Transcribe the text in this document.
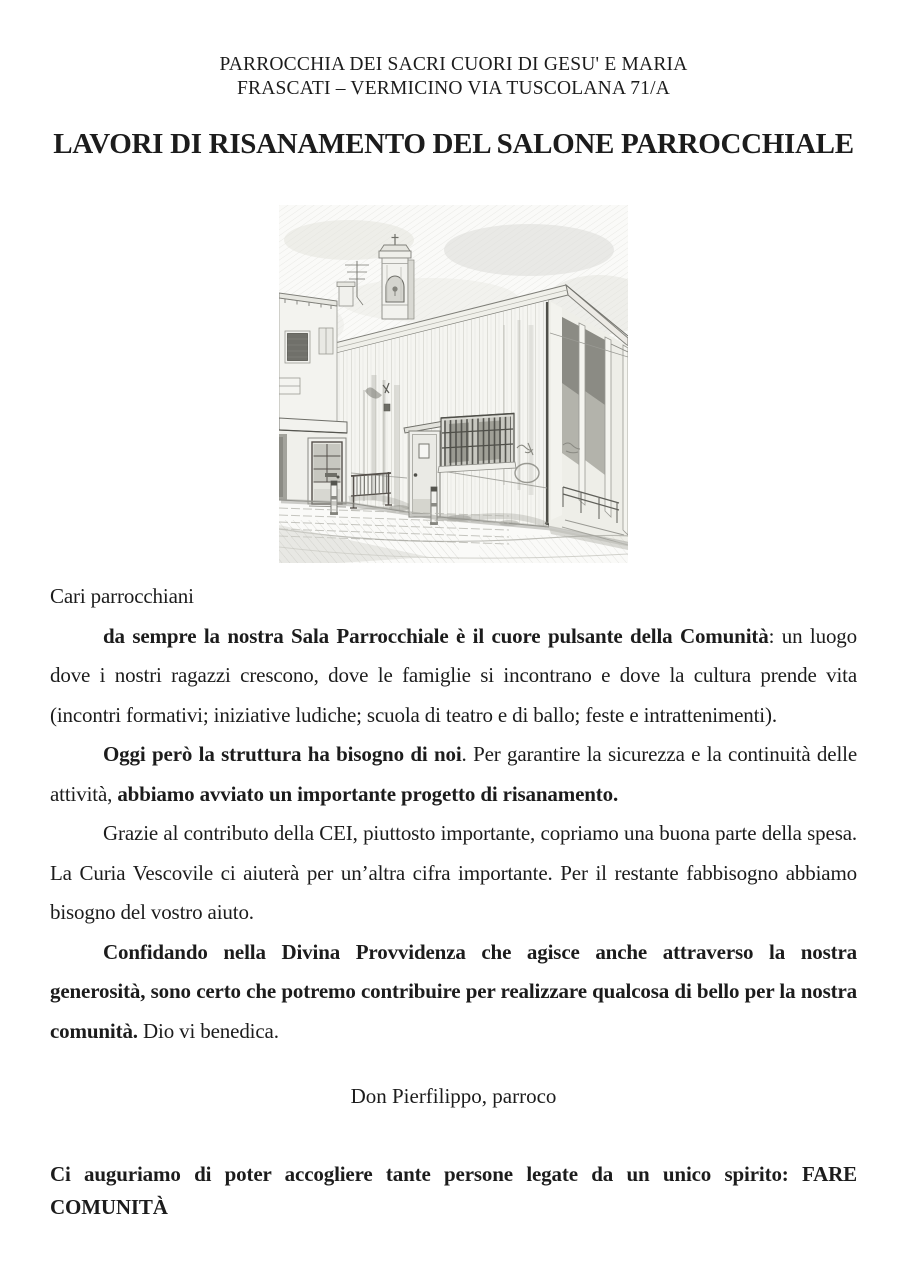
PARROCCHIA DEI SACRI CUORI DI GESU' E MARIA
FRASCATI – VERMICINO VIA TUSCOLANA 71/A
LAVORI DI RISANAMENTO DEL SALONE PARROCCHIALE

Cari parrocchiani

da sempre la nostra Sala Parrocchiale è il cuore pulsante della Comunità: un luogo dove i nostri ragazzi crescono, dove le famiglie si incontrano e dove la cultura prende vita (incontri formativi; iniziative ludiche; scuola di teatro e di ballo; feste e intrattenimenti).

Oggi però la struttura ha bisogno di noi. Per garantire la sicurezza e la continuità delle attività, abbiamo avviato un importante progetto di risanamento.

Grazie al contributo della CEI, piuttosto importante, copriamo una buona parte della spesa. La Curia Vescovile ci aiuterà per un’altra cifra importante. Per il restante fabbisogno abbiamo bisogno del vostro aiuto.

Confidando nella Divina Provvidenza che agisce anche attraverso la nostra generosità, sono certo che potremo contribuire per realizzare qualcosa di bello per la nostra comunità. Dio vi benedica.

Don Pierfilippo, parroco

Ci auguriamo di poter accogliere tante persone legate da un unico spirito: FARE COMUNITÀ
